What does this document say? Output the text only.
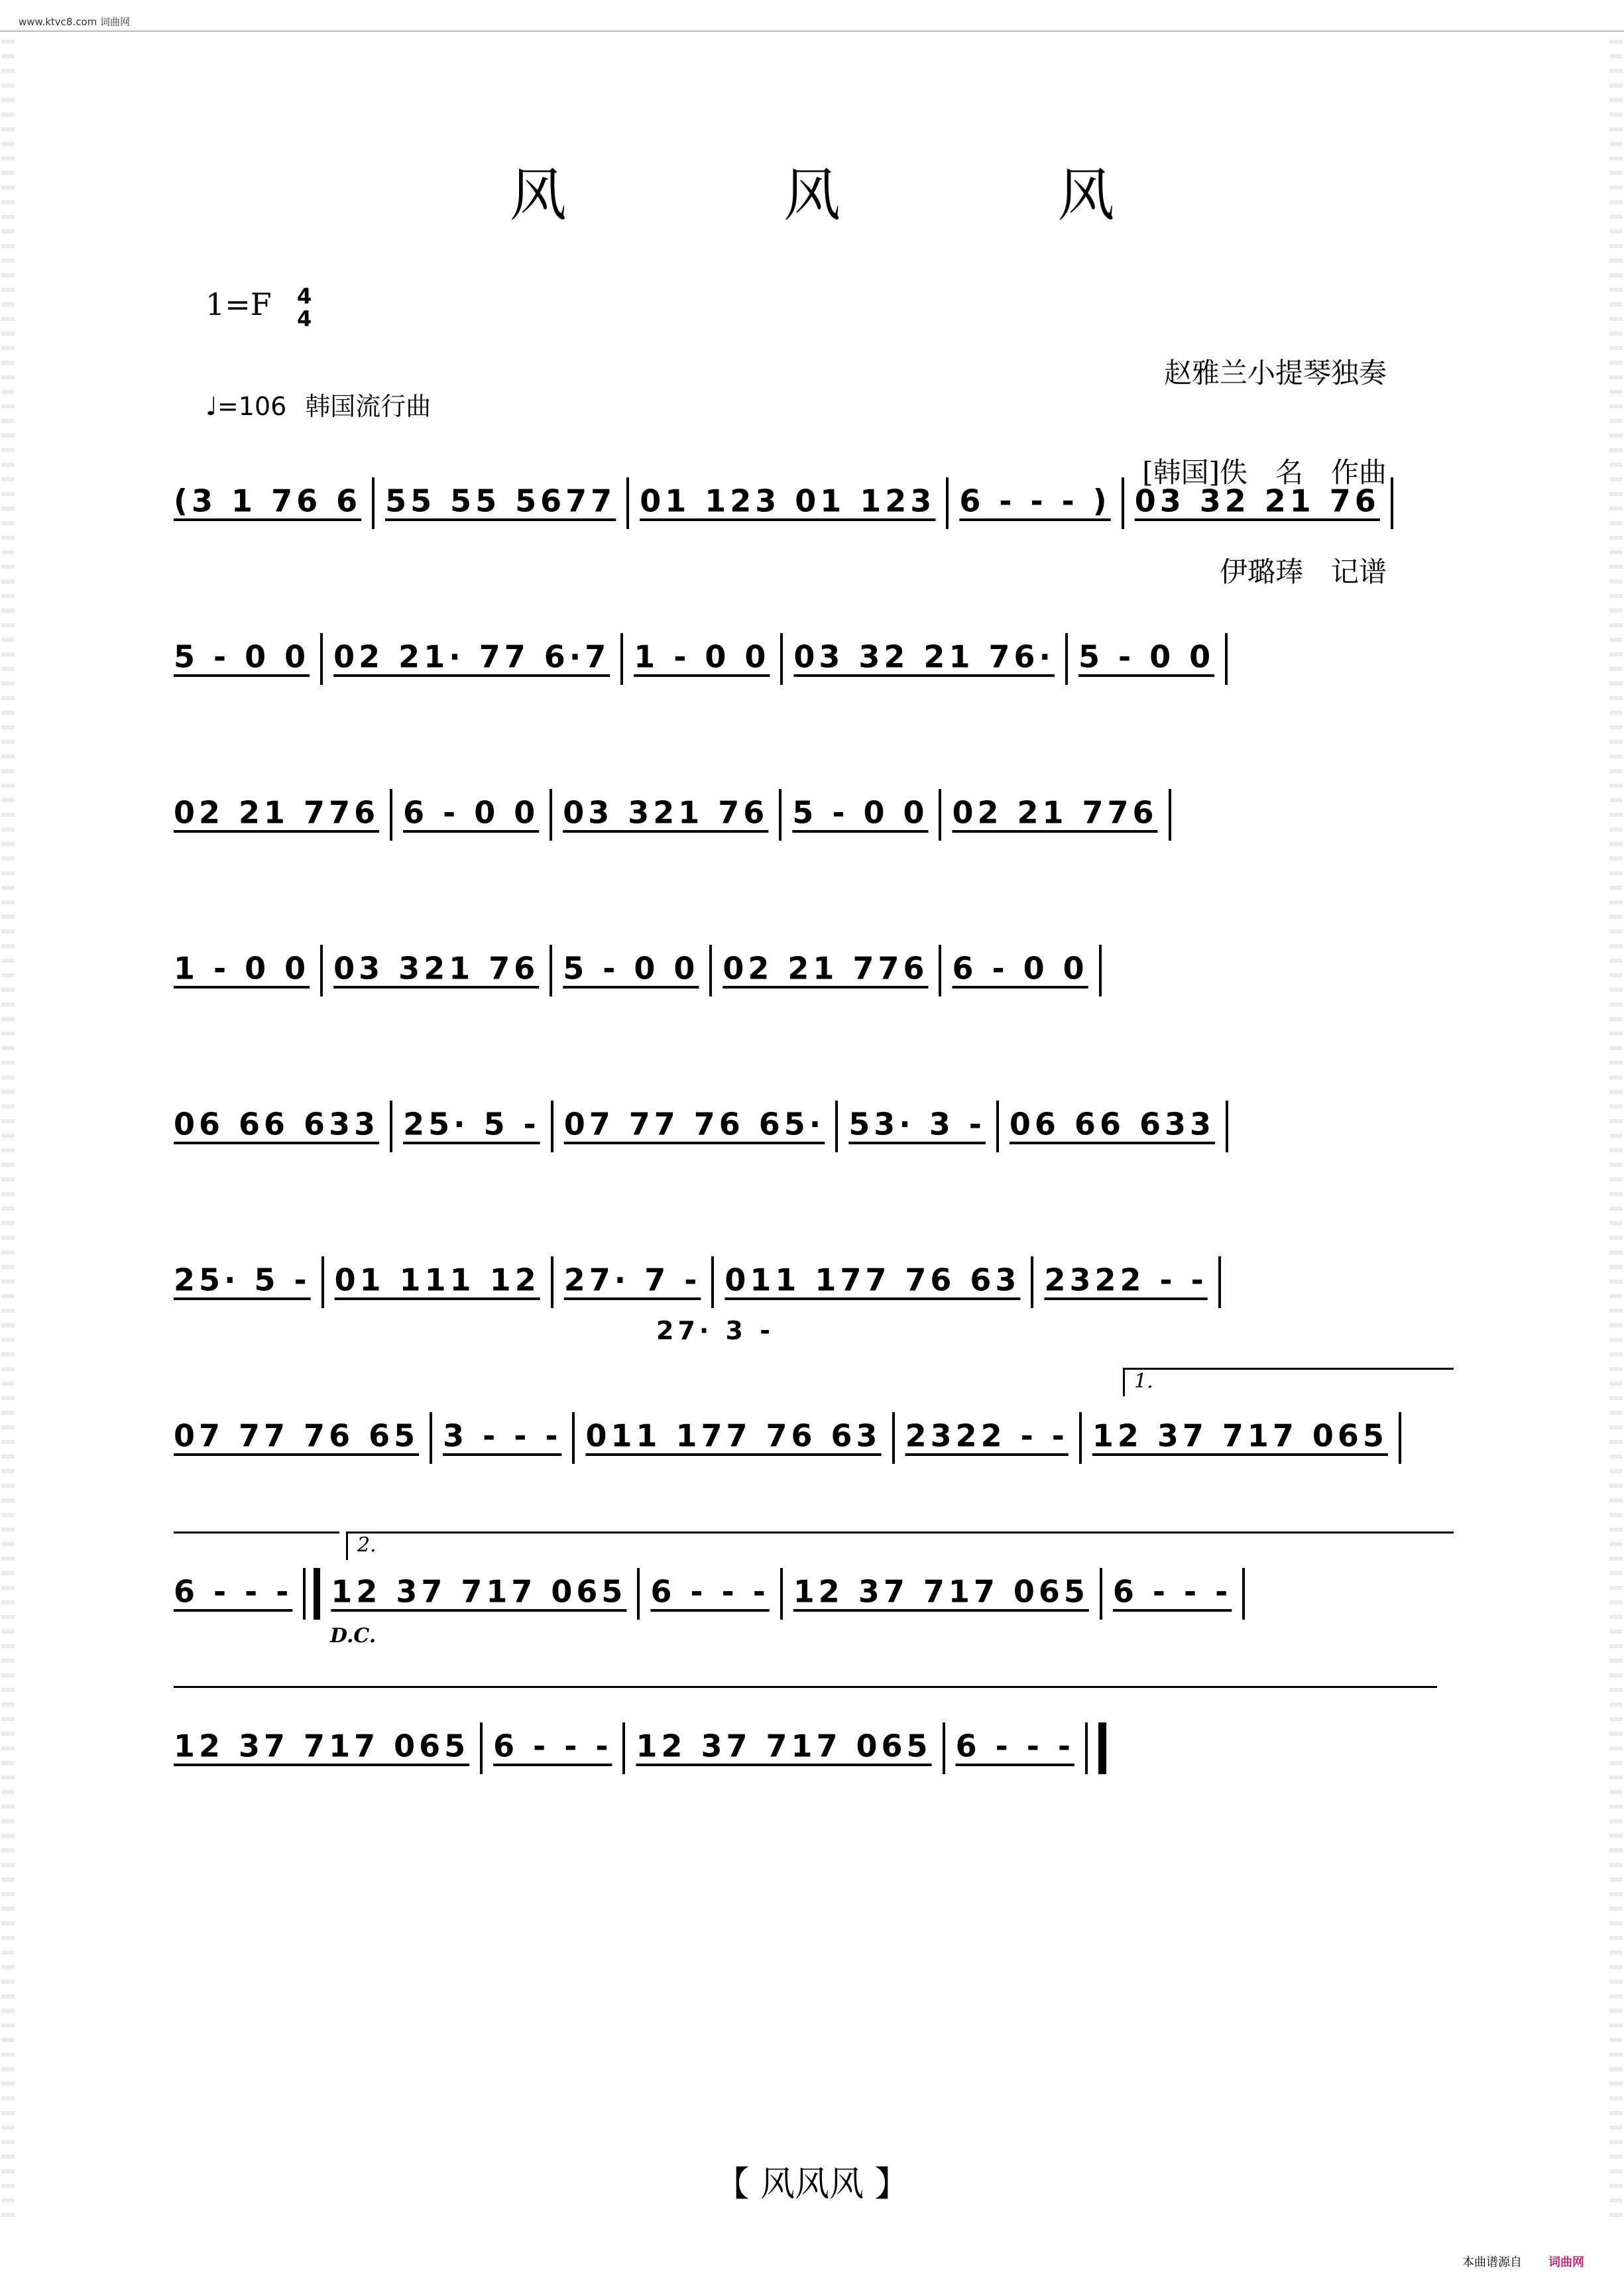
www.ktvc8.com 词曲网
风 风 风
1=F 4
4
♩=106 韩国流行曲

赵雅兰小提琴独奏

[韩国]佚　名　作曲

伊璐琫　记谱

(3 1 76 6 55 55 5677 01 123 01 123 6 - - - ) 03 32 21 76
5 - 0 0 02 21· 77 6·7 1 - 0 0 03 32 21 76· 5 - 0 0
02 21 776 6 - 0 0 03 321 76 5 - 0 0 02 21 776
1 - 0 0 03 321 76 5 - 0 0 02 21 776 6 - 0 0
06 66 633 25· 5 - 07 77 76 65· 53· 3 - 06 66 633
25· 5 - 01 111 12 27· 7 - 011 177 76 63 2322 - -
07 77 76 65 3 - - - 011 177 76 63 2322 - - 12 37 717 065
6 - - - 12 37 717 065 6 - - - 12 37 717 065 6 - - -
12 37 717 065 6 - - - 12 37 717 065 6 - - -
27· 3 -
1.
2.
D.C.
【 风风风 】
本曲谱源自 词曲网
